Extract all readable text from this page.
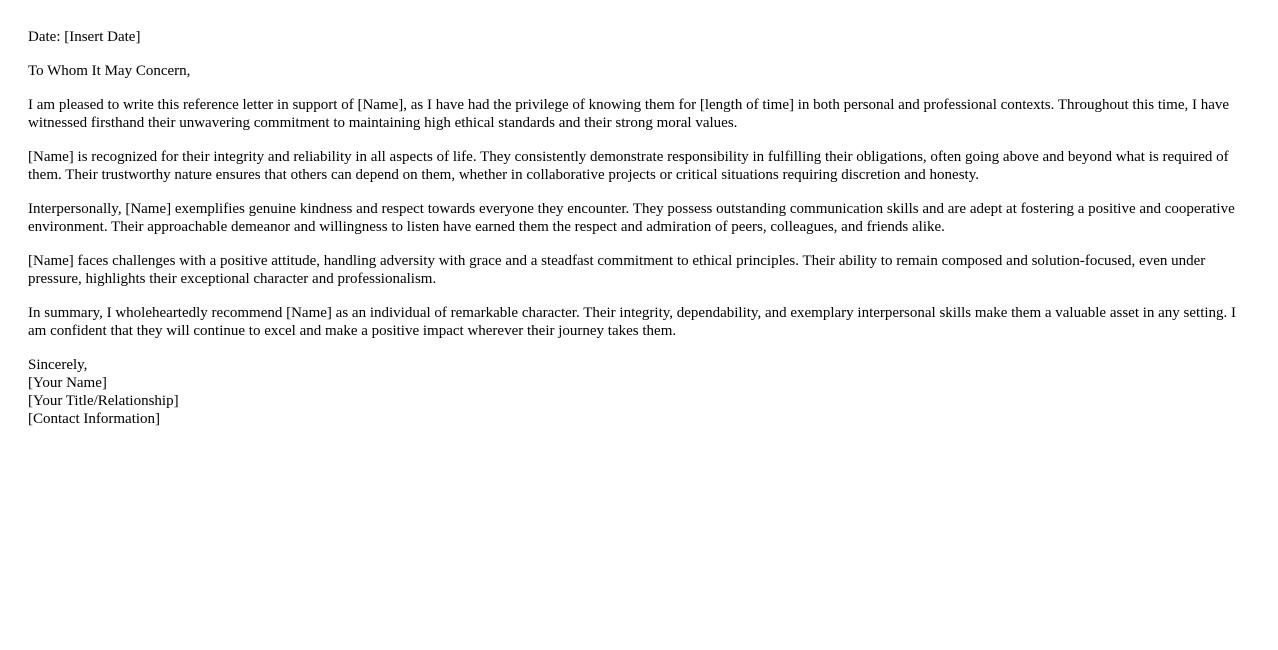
Date: [Insert Date]

To Whom It May Concern,

I am pleased to write this reference letter in support of [Name], as I have had the privilege of knowing them for [length of time] in both personal and professional contexts. Throughout this time, I have witnessed firsthand their unwavering commitment to maintaining high ethical standards and their strong moral values.

[Name] is recognized for their integrity and reliability in all aspects of life. They consistently demonstrate responsibility in fulfilling their obligations, often going above and beyond what is required of them. Their trustworthy nature ensures that others can depend on them, whether in collaborative projects or critical situations requiring discretion and honesty.

Interpersonally, [Name] exemplifies genuine kindness and respect towards everyone they encounter. They possess outstanding communication skills and are adept at fostering a positive and cooperative environment. Their approachable demeanor and willingness to listen have earned them the respect and admiration of peers, colleagues, and friends alike.

[Name] faces challenges with a positive attitude, handling adversity with grace and a steadfast commitment to ethical principles. Their ability to remain composed and solution-focused, even under pressure, highlights their exceptional character and professionalism.

In summary, I wholeheartedly recommend [Name] as an individual of remarkable character. Their integrity, dependability, and exemplary interpersonal skills make them a valuable asset in any setting. I am confident that they will continue to excel and make a positive impact wherever their journey takes them.

Sincerely,
[Your Name]
[Your Title/Relationship]
[Contact Information]
